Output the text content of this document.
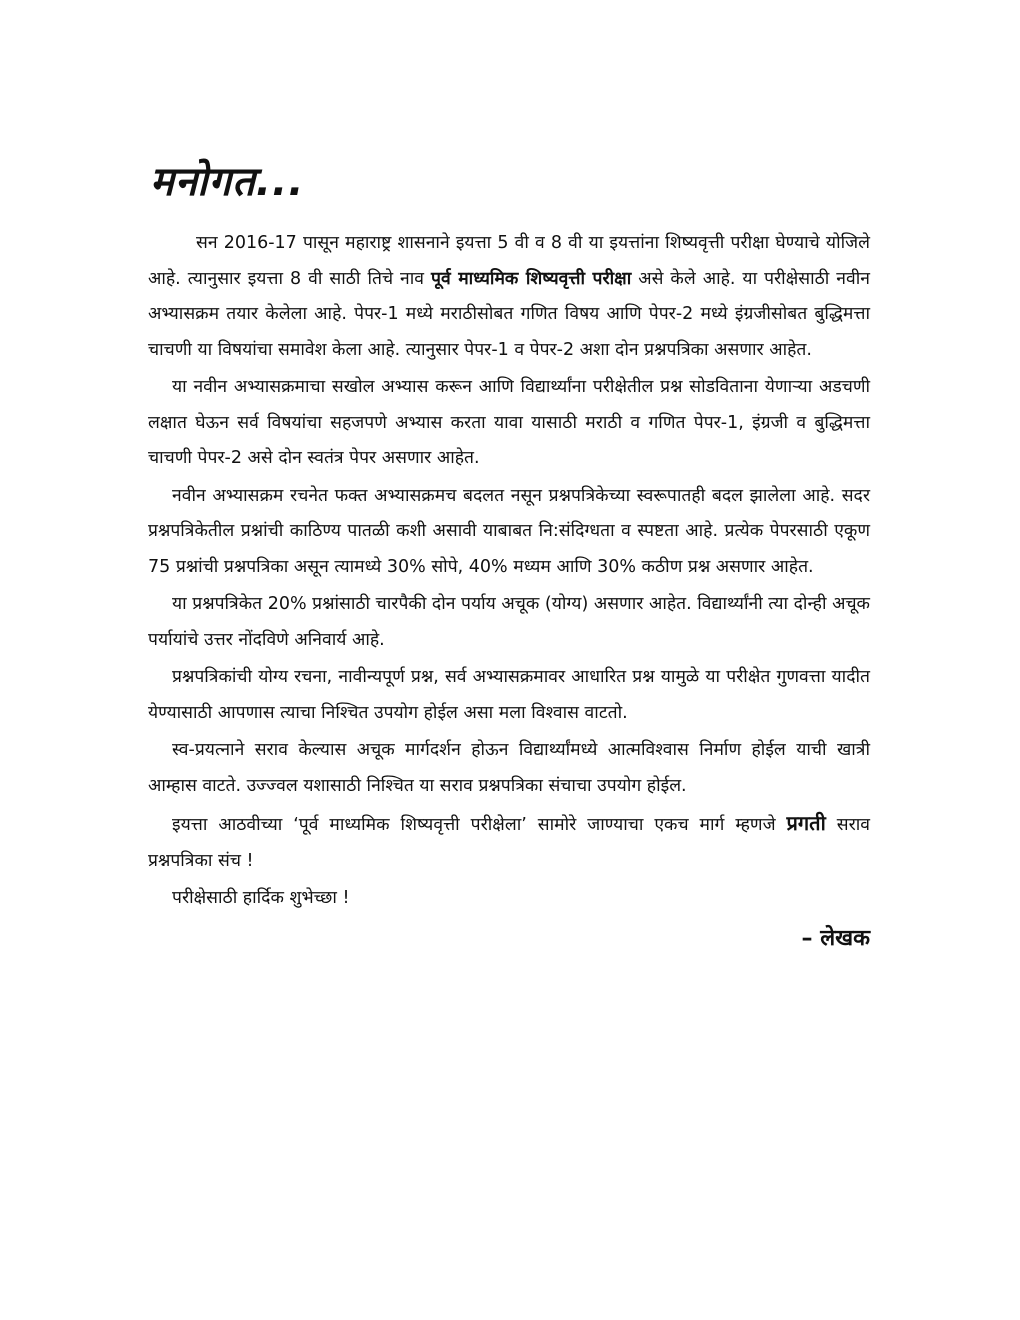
मनोगत...

सन 2016-17 पासून महाराष्ट्र शासनाने इयत्ता 5 वी व 8 वी या इयत्तांना शिष्यवृत्ती परीक्षा घेण्याचे योजिले आहे. त्यानुसार इयत्ता 8 वी साठी तिचे नाव पूर्व माध्यमिक शिष्यवृत्ती परीक्षा असे केले आहे. या परीक्षेसाठी नवीन अभ्यासक्रम तयार केलेला आहे. पेपर-1 मध्ये मराठीसोबत गणित विषय आणि पेपर-2 मध्ये इंग्रजीसोबत बुद्धिमत्ता चाचणी या विषयांचा समावेश केला आहे. त्यानुसार पेपर-1 व पेपर-2 अशा दोन प्रश्नपत्रिका असणार आहेत.

या नवीन अभ्यासक्रमाचा सखोल अभ्यास करून आणि विद्यार्थ्यांना परीक्षेतील प्रश्न सोडविताना येणाऱ्या अडचणी लक्षात घेऊन सर्व विषयांचा सहजपणे अभ्यास करता यावा यासाठी मराठी व गणित पेपर-1, इंग्रजी व बुद्धिमत्ता चाचणी पेपर-2 असे दोन स्वतंत्र पेपर असणार आहेत.

नवीन अभ्यासक्रम रचनेत फक्त अभ्यासक्रमच बदलत नसून प्रश्नपत्रिकेच्या स्वरूपातही बदल झालेला आहे. सदर प्रश्नपत्रिकेतील प्रश्नांची काठिण्य पातळी कशी असावी याबाबत नि:संदिग्धता व स्पष्टता आहे. प्रत्येक पेपरसाठी एकूण 75 प्रश्नांची प्रश्नपत्रिका असून त्यामध्ये 30% सोपे, 40% मध्यम आणि 30% कठीण प्रश्न असणार आहेत.

या प्रश्नपत्रिकेत 20% प्रश्नांसाठी चारपैकी दोन पर्याय अचूक (योग्य) असणार आहेत. विद्यार्थ्यांनी त्या दोन्ही अचूक पर्यायांचे उत्तर नोंदविणे अनिवार्य आहे.

प्रश्नपत्रिकांची योग्य रचना, नावीन्यपूर्ण प्रश्न, सर्व अभ्यासक्रमावर आधारित प्रश्न यामुळे या परीक्षेत गुणवत्ता यादीत येण्यासाठी आपणास त्याचा निश्चित उपयोग होईल असा मला विश्वास वाटतो.

स्व-प्रयत्नाने सराव केल्यास अचूक मार्गदर्शन होऊन विद्यार्थ्यांमध्ये आत्मविश्वास निर्माण होईल याची खात्री आम्हास वाटते. उज्ज्वल यशासाठी निश्चित या सराव प्रश्नपत्रिका संचाचा उपयोग होईल.

इयत्ता आठवीच्या ‘पूर्व माध्यमिक शिष्यवृत्ती परीक्षेला’ सामोरे जाण्याचा एकच मार्ग म्हणजे प्रगती सराव प्रश्नपत्रिका संच !

परीक्षेसाठी हार्दिक शुभेच्छा !

– लेखक
